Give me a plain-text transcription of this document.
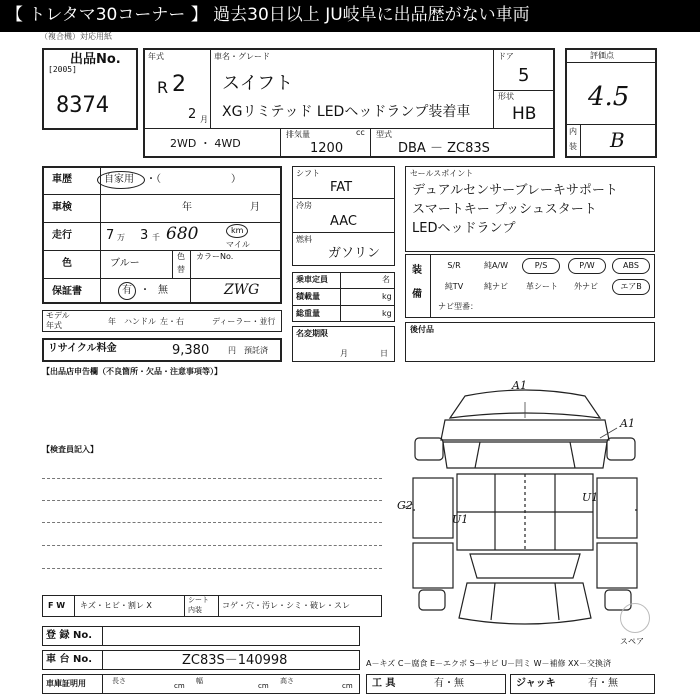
【 トレタマ30コーナー 】 過去30日以上 JU岐阜に出品歴がない車両
（複合機）対応用紙
出品No.
[2005]
8374
年式
R 2
2 月
車名・グレード
スイフト
XGリミテッド LEDヘッドランプ装着車
ドア
5
形状
HB
2WD ・ 4WD
排気量	cc
1200
型式
DBA － ZC83S
評価点
4.5
内
装 B
車歴	自家用 ・（　　　　　　　）
車検	年	月
走行	7 万 3 千 680	km
マイル
色	ブルー
色
替
カラーNo.
ZWG
保証書	有 ・ 無
モデル
年式	年 ハンドル 左・右	ディーラー・並行
リサイクル料金	9,380 円 預託済
シフト
FAT
冷房
AAC
燃料
ガソリン
乗車定員	名
積載量	kg
総重量	kg
名変期限
月	日
セールスポイント
デュアルセンサーブレーキサポート
スマートキー プッシュスタート
LEDヘッドランプ
装
備
S/R	純A/W	P/S	P/W	ABS
純TV	純ナビ	革シート	外ナビ	エアB
ナビ型番：
後付品
【出品店申告欄（不良箇所・欠品・注意事項等）】
【検査員記入】
A1
A1
U1
G2
U1
F W キズ・ヒビ・割レ X
シート
内装	コゲ・穴・汚レ・シミ・破レ・スレ
登 録 No.
車 台 No.	ZC83S－140998
車庫証明用	長さ
cm
幅
cm
高さ
cm
A－キズ C－腐食 E－エクボ S－サビ U－凹ミ W－補修 XX－交換済
スペア
工 具	有・無	ジャッキ	有・無
